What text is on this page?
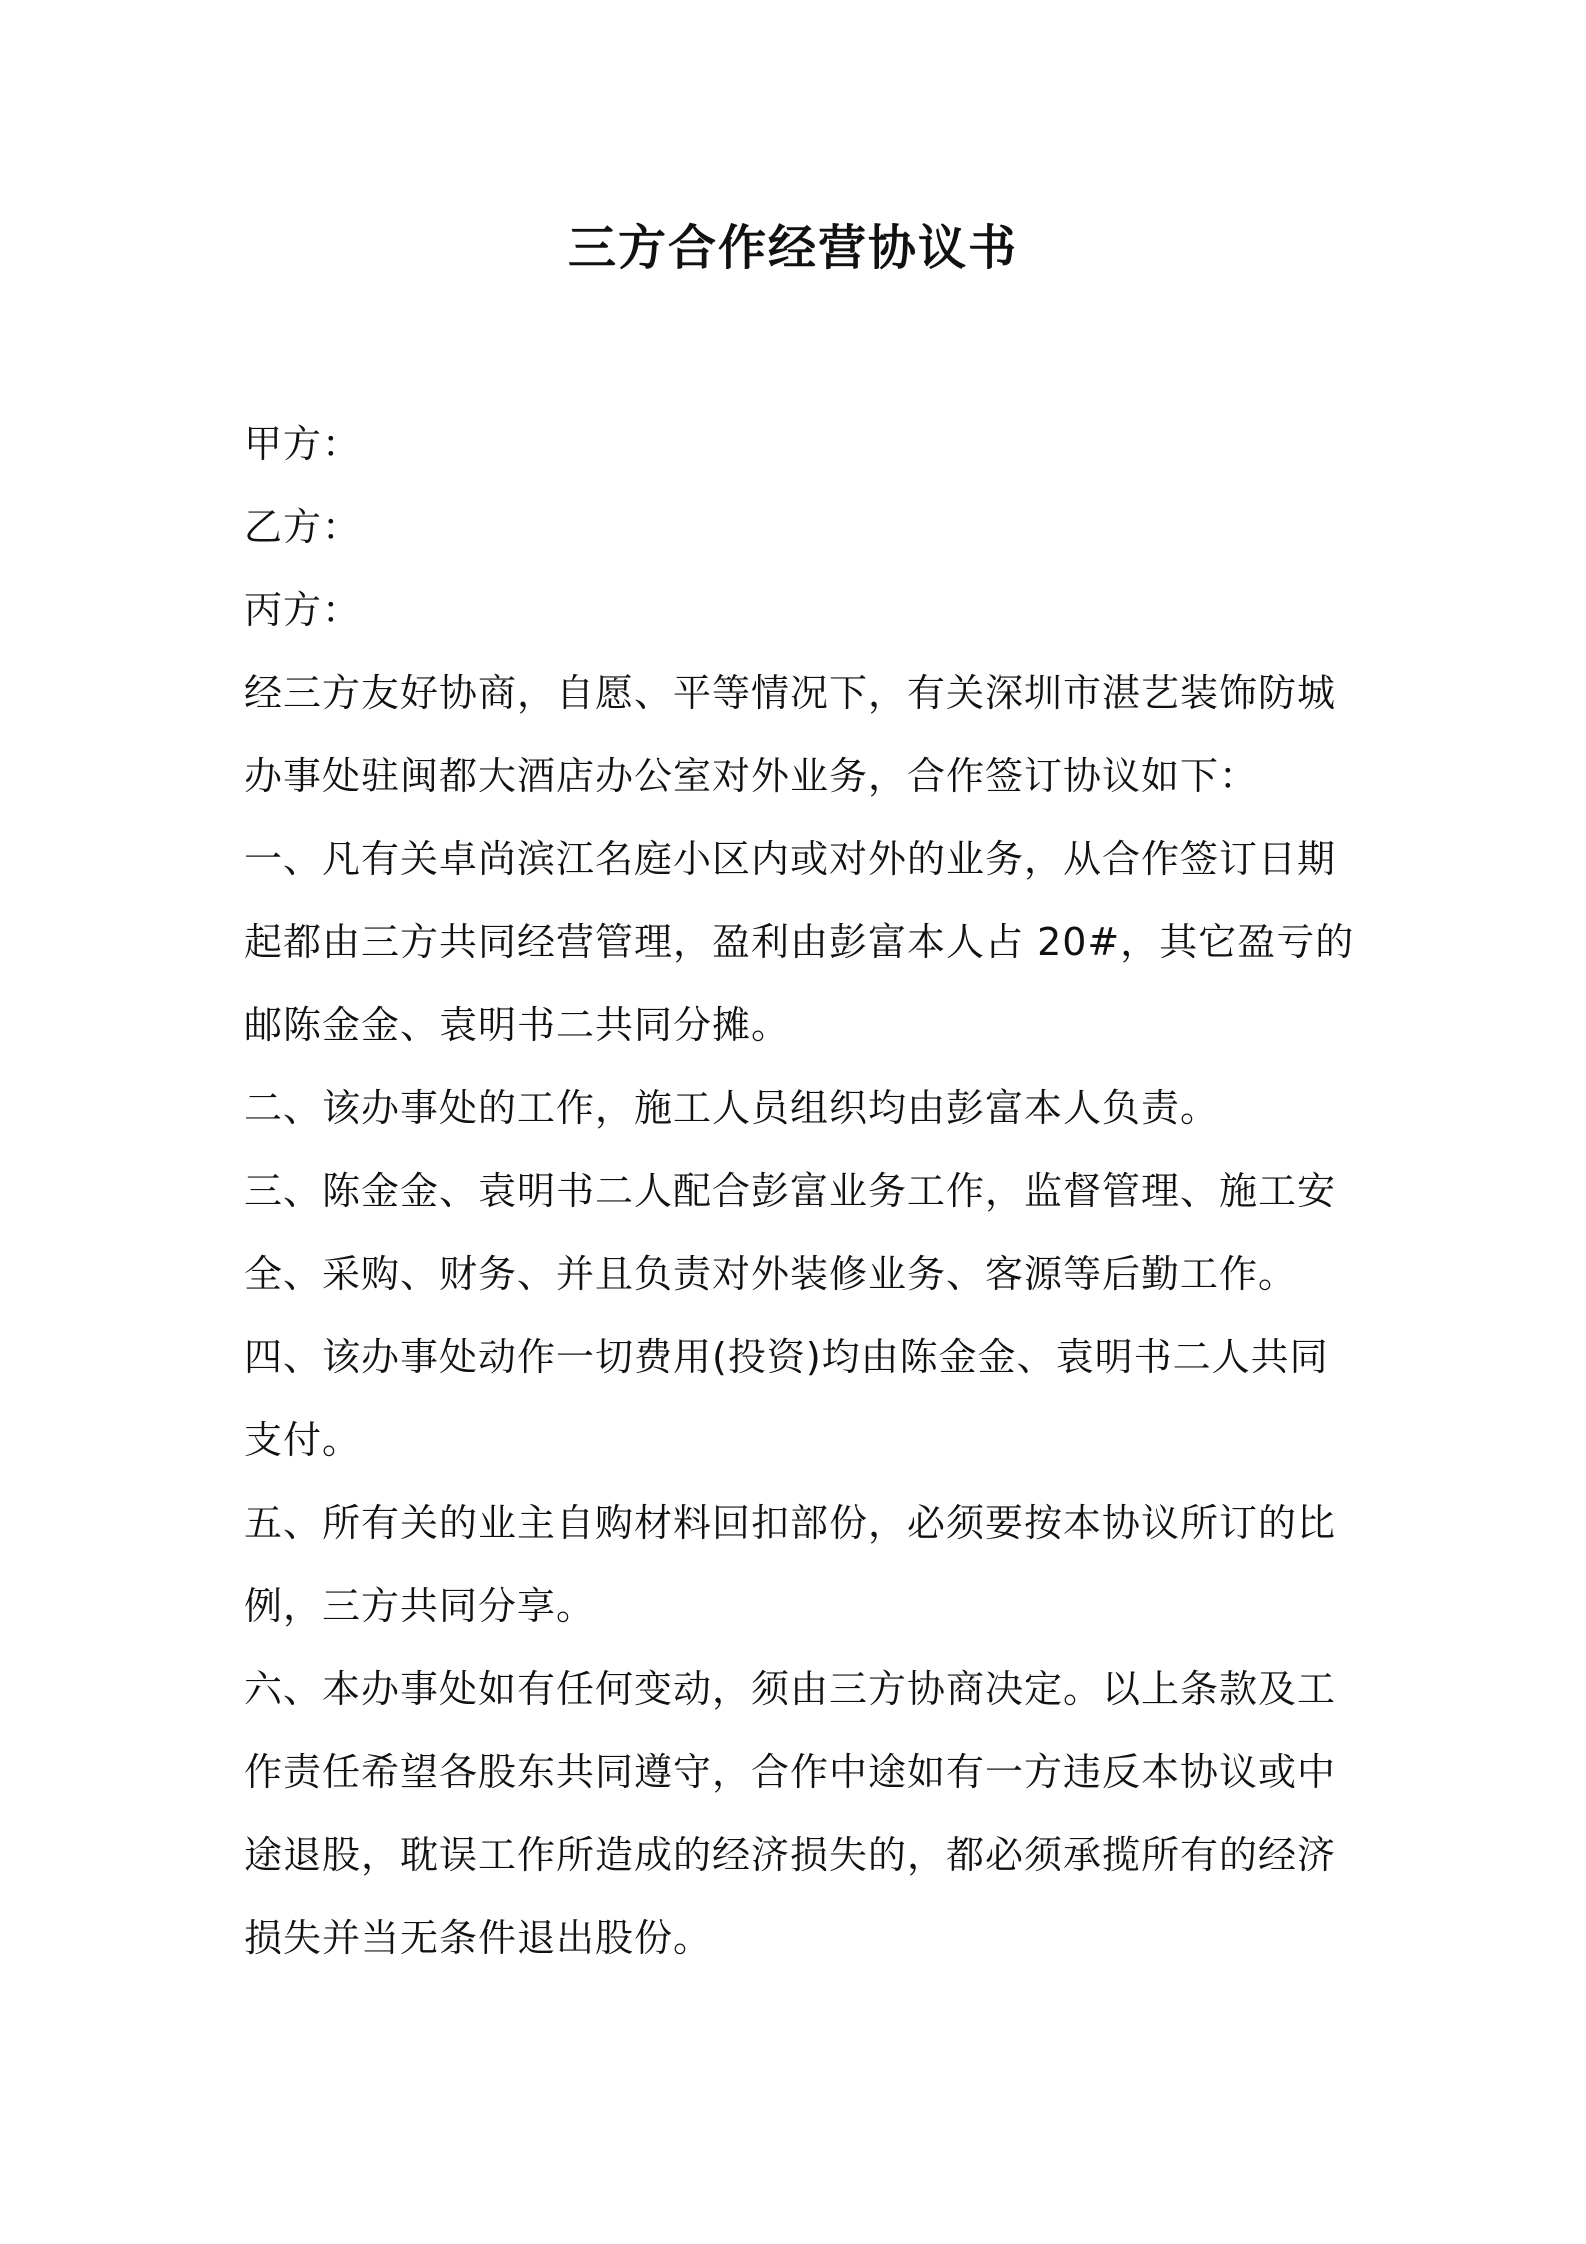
三方合作经营协议书
甲方：
乙方：
丙方：
经三方友好协商，自愿、平等情况下，有关深圳市湛艺装饰防城
办事处驻闽都大酒店办公室对外业务，合作签订协议如下：
一、凡有关卓尚滨江名庭小区内或对外的业务，从合作签订日期
起都由三方共同经营管理，盈利由彭富本人占 20#，其它盈亏的
邮陈金金、袁明书二共同分摊。
二、该办事处的工作，施工人员组织均由彭富本人负责。
三、陈金金、袁明书二人配合彭富业务工作，监督管理、施工安
全、采购、财务、并且负责对外装修业务、客源等后勤工作。
四、该办事处动作一切费用(投资)均由陈金金、袁明书二人共同
支付。
五、所有关的业主自购材料回扣部份，必须要按本协议所订的比
例，三方共同分享。
六、本办事处如有任何变动，须由三方协商决定。以上条款及工
作责任希望各股东共同遵守，合作中途如有一方违反本协议或中
途退股，耽误工作所造成的经济损失的，都必须承揽所有的经济
损失并当无条件退出股份。
